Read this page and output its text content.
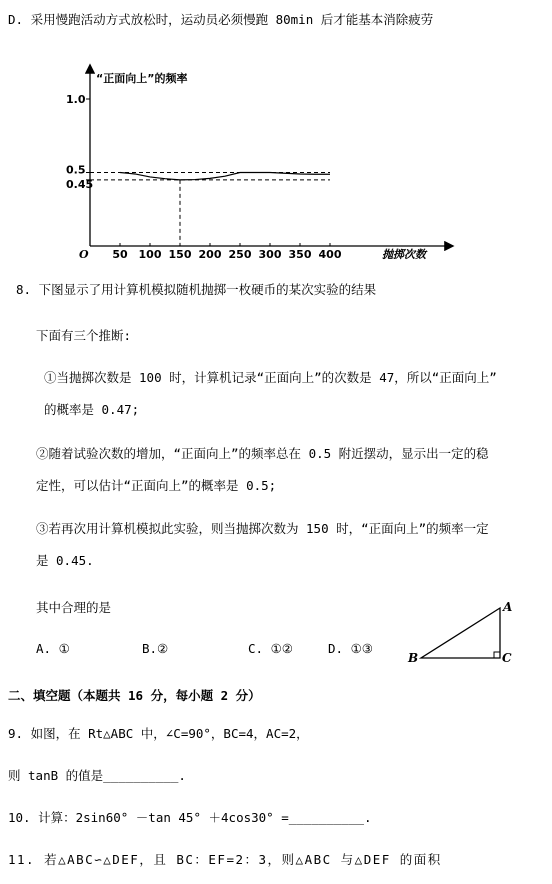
D. 采用慢跑活动方式放松时，运动员必须慢跑 80min 后才能基本消除疲劳
0.45
0.5
1.0
50 100 150 200 250 300 350 400
O
“正面向上”的频率
抛掷次数
8. 下图显示了用计算机模拟随机抛掷一枚硬币的某次实验的结果
下面有三个推断:
①当抛掷次数是 100 时，计算机记录“正面向上”的次数是 47，所以“正面向上”
的概率是 0.47;
②随着试验次数的增加，“正面向上”的频率总在 0.5 附近摆动，显示出一定的稳
定性，可以估计“正面向上”的概率是 0.5;
③若再次用计算机模拟此实验，则当抛掷次数为 150 时，“正面向上”的频率一定
是 0.45.
其中合理的是
A. ①	B.②	C. ①②	D. ①③
A
B	C
二、填空题（本题共 16 分，每小题 2 分）
9. 如图，在 Rt△ABC 中，∠C=90°，BC=4，AC=2，
则 tanB 的值是__________.
10. 计算：2sin60° －tan 45° ＋4cos30° =__________.
11. 若△ABC∽△DEF，且 BC：EF=2：3，则△ABC 与△DEF 的面积
